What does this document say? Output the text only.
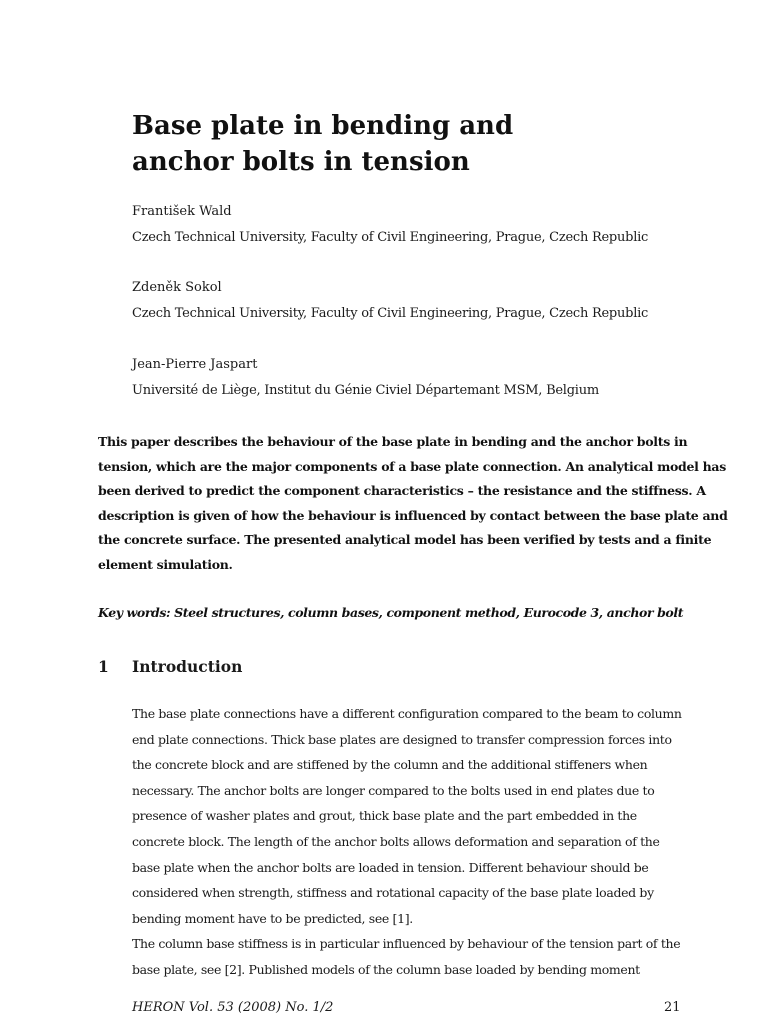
Base plate in bending and
anchor bolts in tension
František Wald
Czech Technical University, Faculty of Civil Engineering, Prague, Czech Republic
Zdeněk Sokol
Czech Technical University, Faculty of Civil Engineering, Prague, Czech Republic
Jean-Pierre Jaspart
Université de Liège, Institut du Génie Civiel Départemant MSM, Belgium
This paper describes the behaviour of the base plate in bending and the anchor bolts in
tension, which are the major components of a base plate connection. An analytical model has
been derived to predict the component characteristics – the resistance and the stiffness. A
description is given of how the behaviour is influenced by contact between the base plate and
the concrete surface. The presented analytical model has been verified by tests and a finite
element simulation.
Key words: Steel structures, column bases, component method, Eurocode 3, anchor bolt
1 Introduction
The base plate connections have a different configuration compared to the beam to column
end plate connections. Thick base plates are designed to transfer compression forces into
the concrete block and are stiffened by the column and the additional stiffeners when
necessary. The anchor bolts are longer compared to the bolts used in end plates due to
presence of washer plates and grout, thick base plate and the part embedded in the
concrete block. The length of the anchor bolts allows deformation and separation of the
base plate when the anchor bolts are loaded in tension. Different behaviour should be
considered when strength, stiffness and rotational capacity of the base plate loaded by
bending moment have to be predicted, see [1].
The column base stiffness is in particular influenced by behaviour of the tension part of the
base plate, see [2]. Published models of the column base loaded by bending moment
HERON Vol. 53 (2008) No. 1/2	21
